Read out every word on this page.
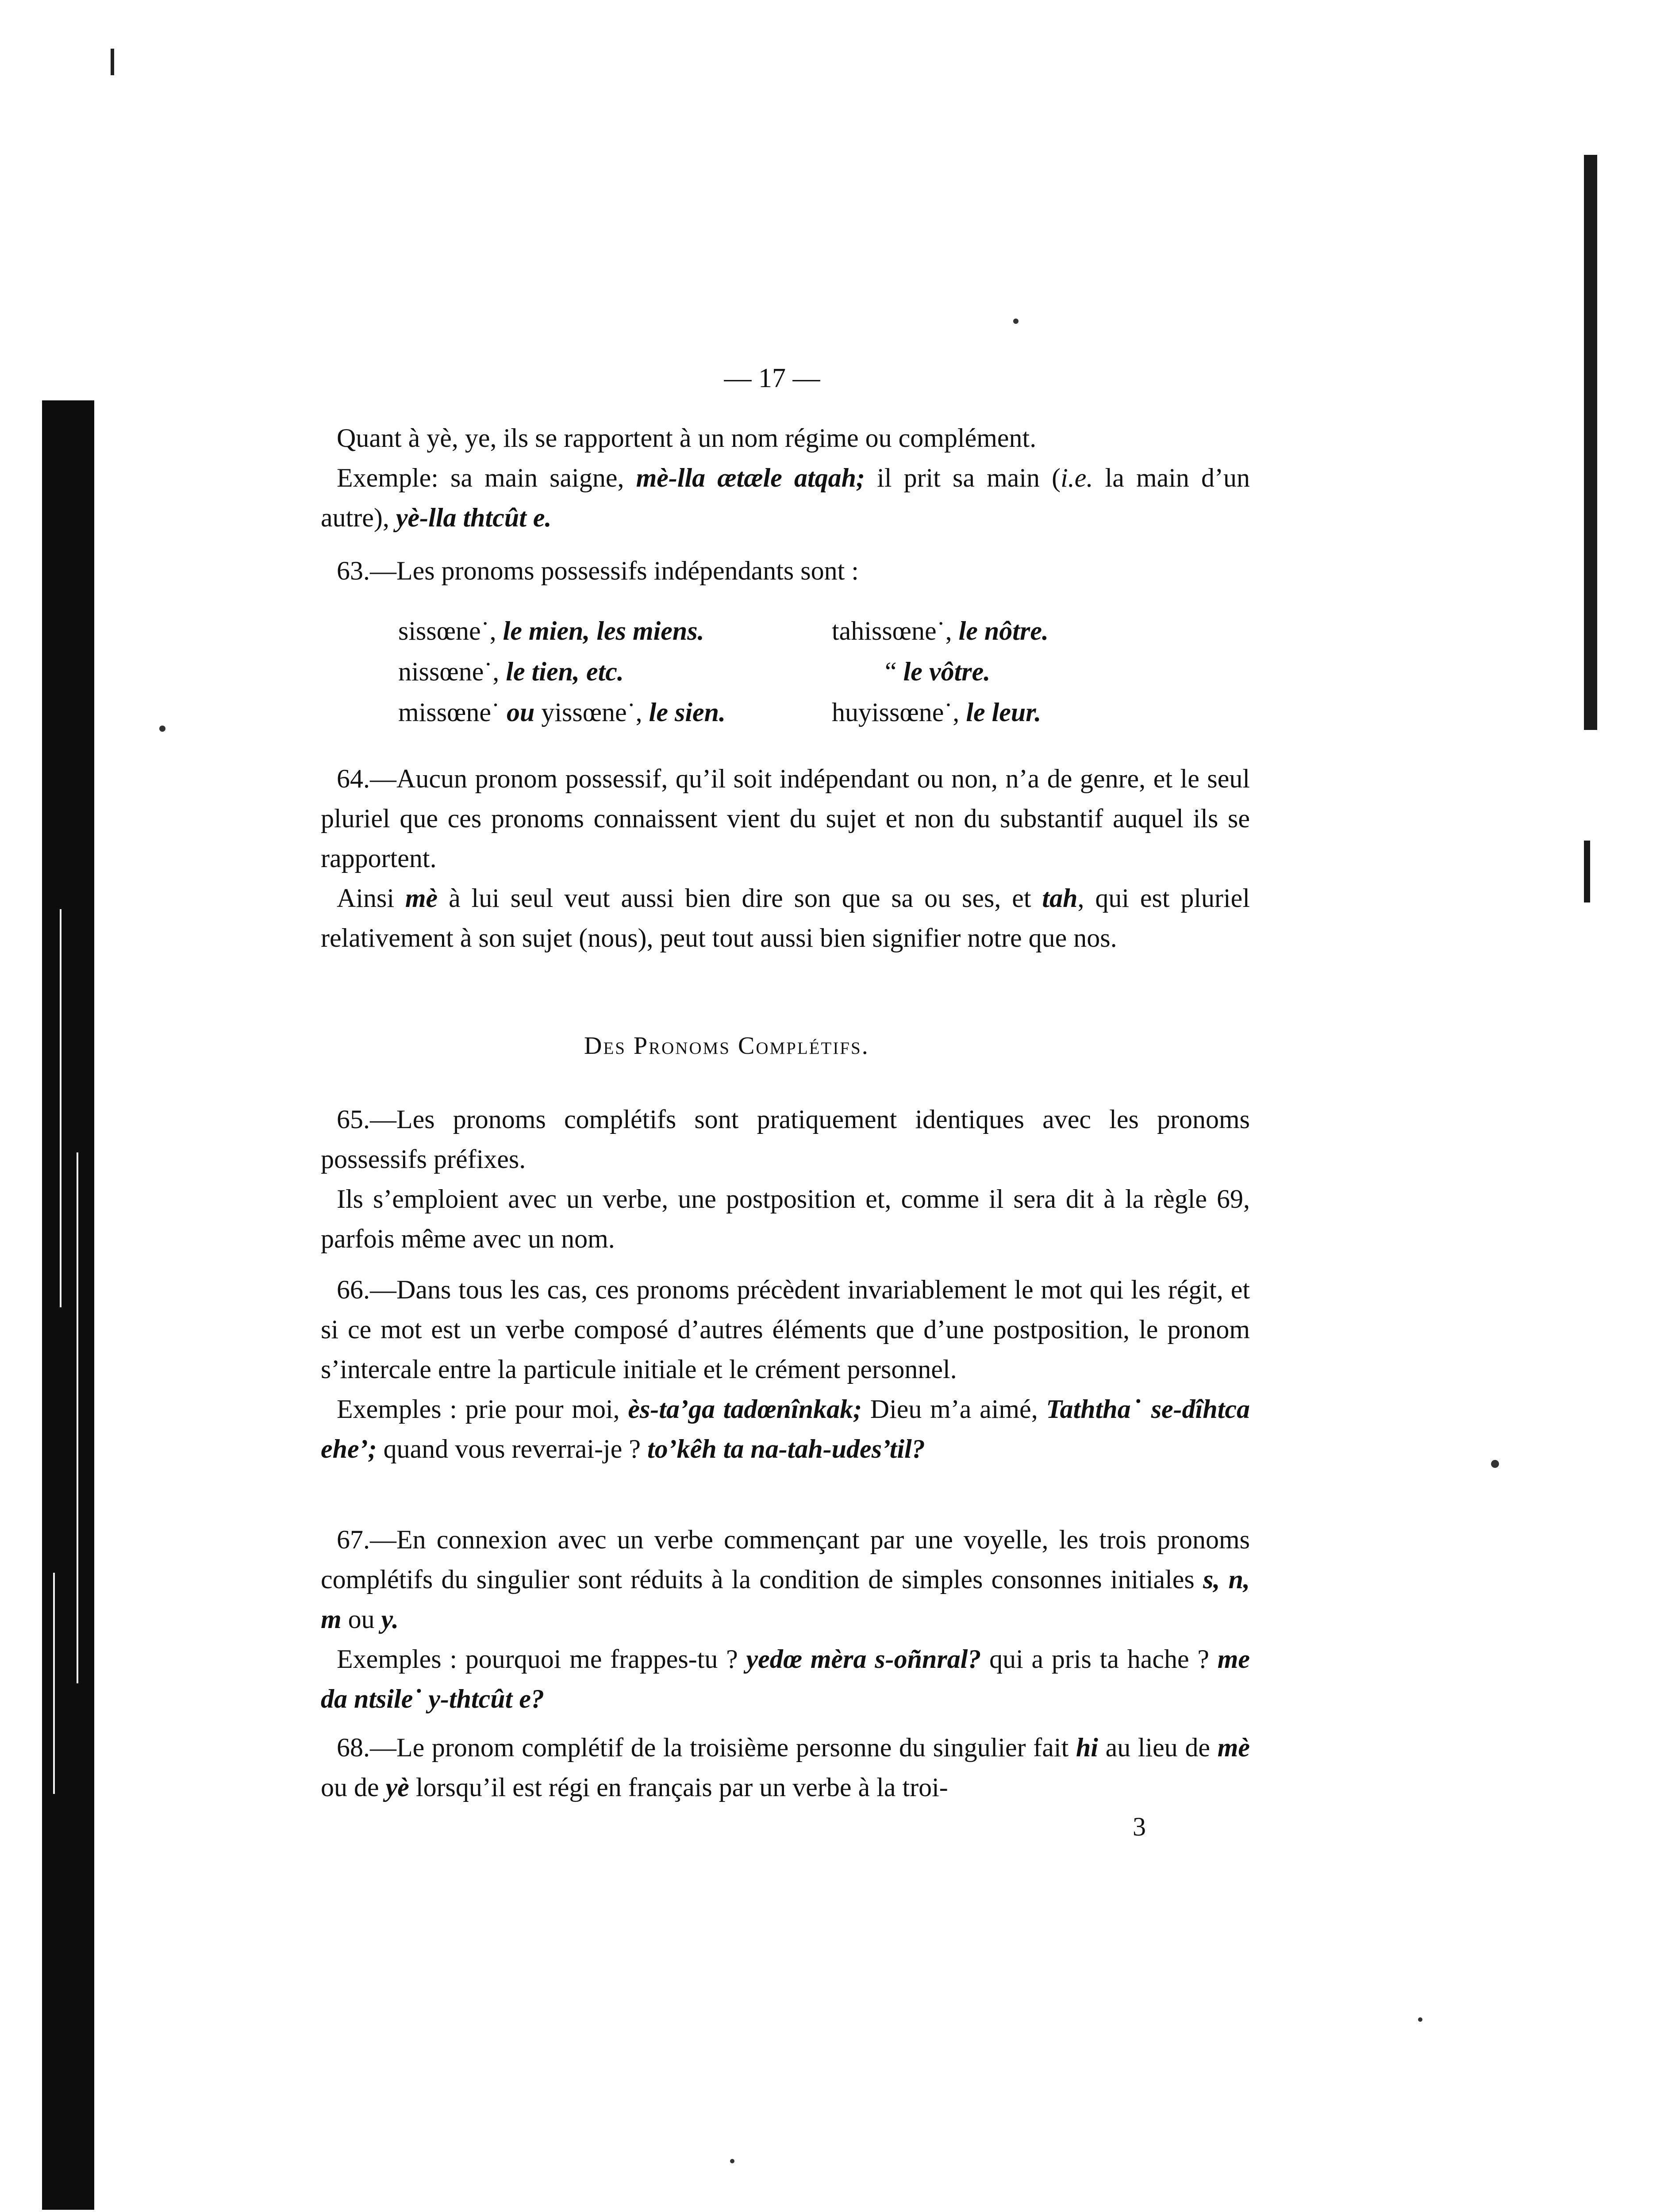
— 17 —

Quant à yè, ye, ils se rapportent à un nom régime ou complément.

Exemple: sa main saigne, mè-lla ætæle atqah; il prit sa main (i.e. la main d’un autre), yè-lla thtcût e.

63.—Les pronoms possessifs indépendants sont :

sissœne˙, le mien, les miens.	tahissœne˙, le nôtre.
nissœne˙, le tien, etc.	“ le vôtre.
missœne˙ ou yissœne˙, le sien.	huyissœne˙, le leur.

64.—Aucun pronom possessif, qu’il soit indépendant ou non, n’a de genre, et le seul pluriel que ces pronoms connaissent vient du sujet et non du substantif auquel ils se rapportent.

Ainsi mè à lui seul veut aussi bien dire son que sa ou ses, et tah, qui est pluriel relativement à son sujet (nous), peut tout aussi bien signifier notre que nos.

Des Pronoms Complétifs.

65.—Les pronoms complétifs sont pratiquement identiques avec les pronoms possessifs préfixes.

Ils s’emploient avec un verbe, une postposition et, comme il sera dit à la règle 69, parfois même avec un nom.

66.—Dans tous les cas, ces pronoms précèdent invariablement le mot qui les régit, et si ce mot est un verbe composé d’autres éléments que d’une postposition, le pronom s’intercale entre la particule initiale et le crément personnel.

Exemples : prie pour moi, ès-ta’ga tadœnînkak; Dieu m’a aimé, Taththa˙ se-dîhtca ehe’; quand vous reverrai-je ? to’kêh ta na-tah-udes’til?

67.—En connexion avec un verbe commençant par une voyelle, les trois pronoms complétifs du singulier sont réduits à la condition de simples consonnes initiales s, n, m ou y.

Exemples : pourquoi me frappes-tu ? yedœ mèra s-oñnral? qui a pris ta hache ? me da ntsile˙ y-thtcût e?

68.—Le pronom complétif de la troisième personne du singulier fait hi au lieu de mè ou de yè lorsqu’il est régi en français par un verbe à la troi-

3
